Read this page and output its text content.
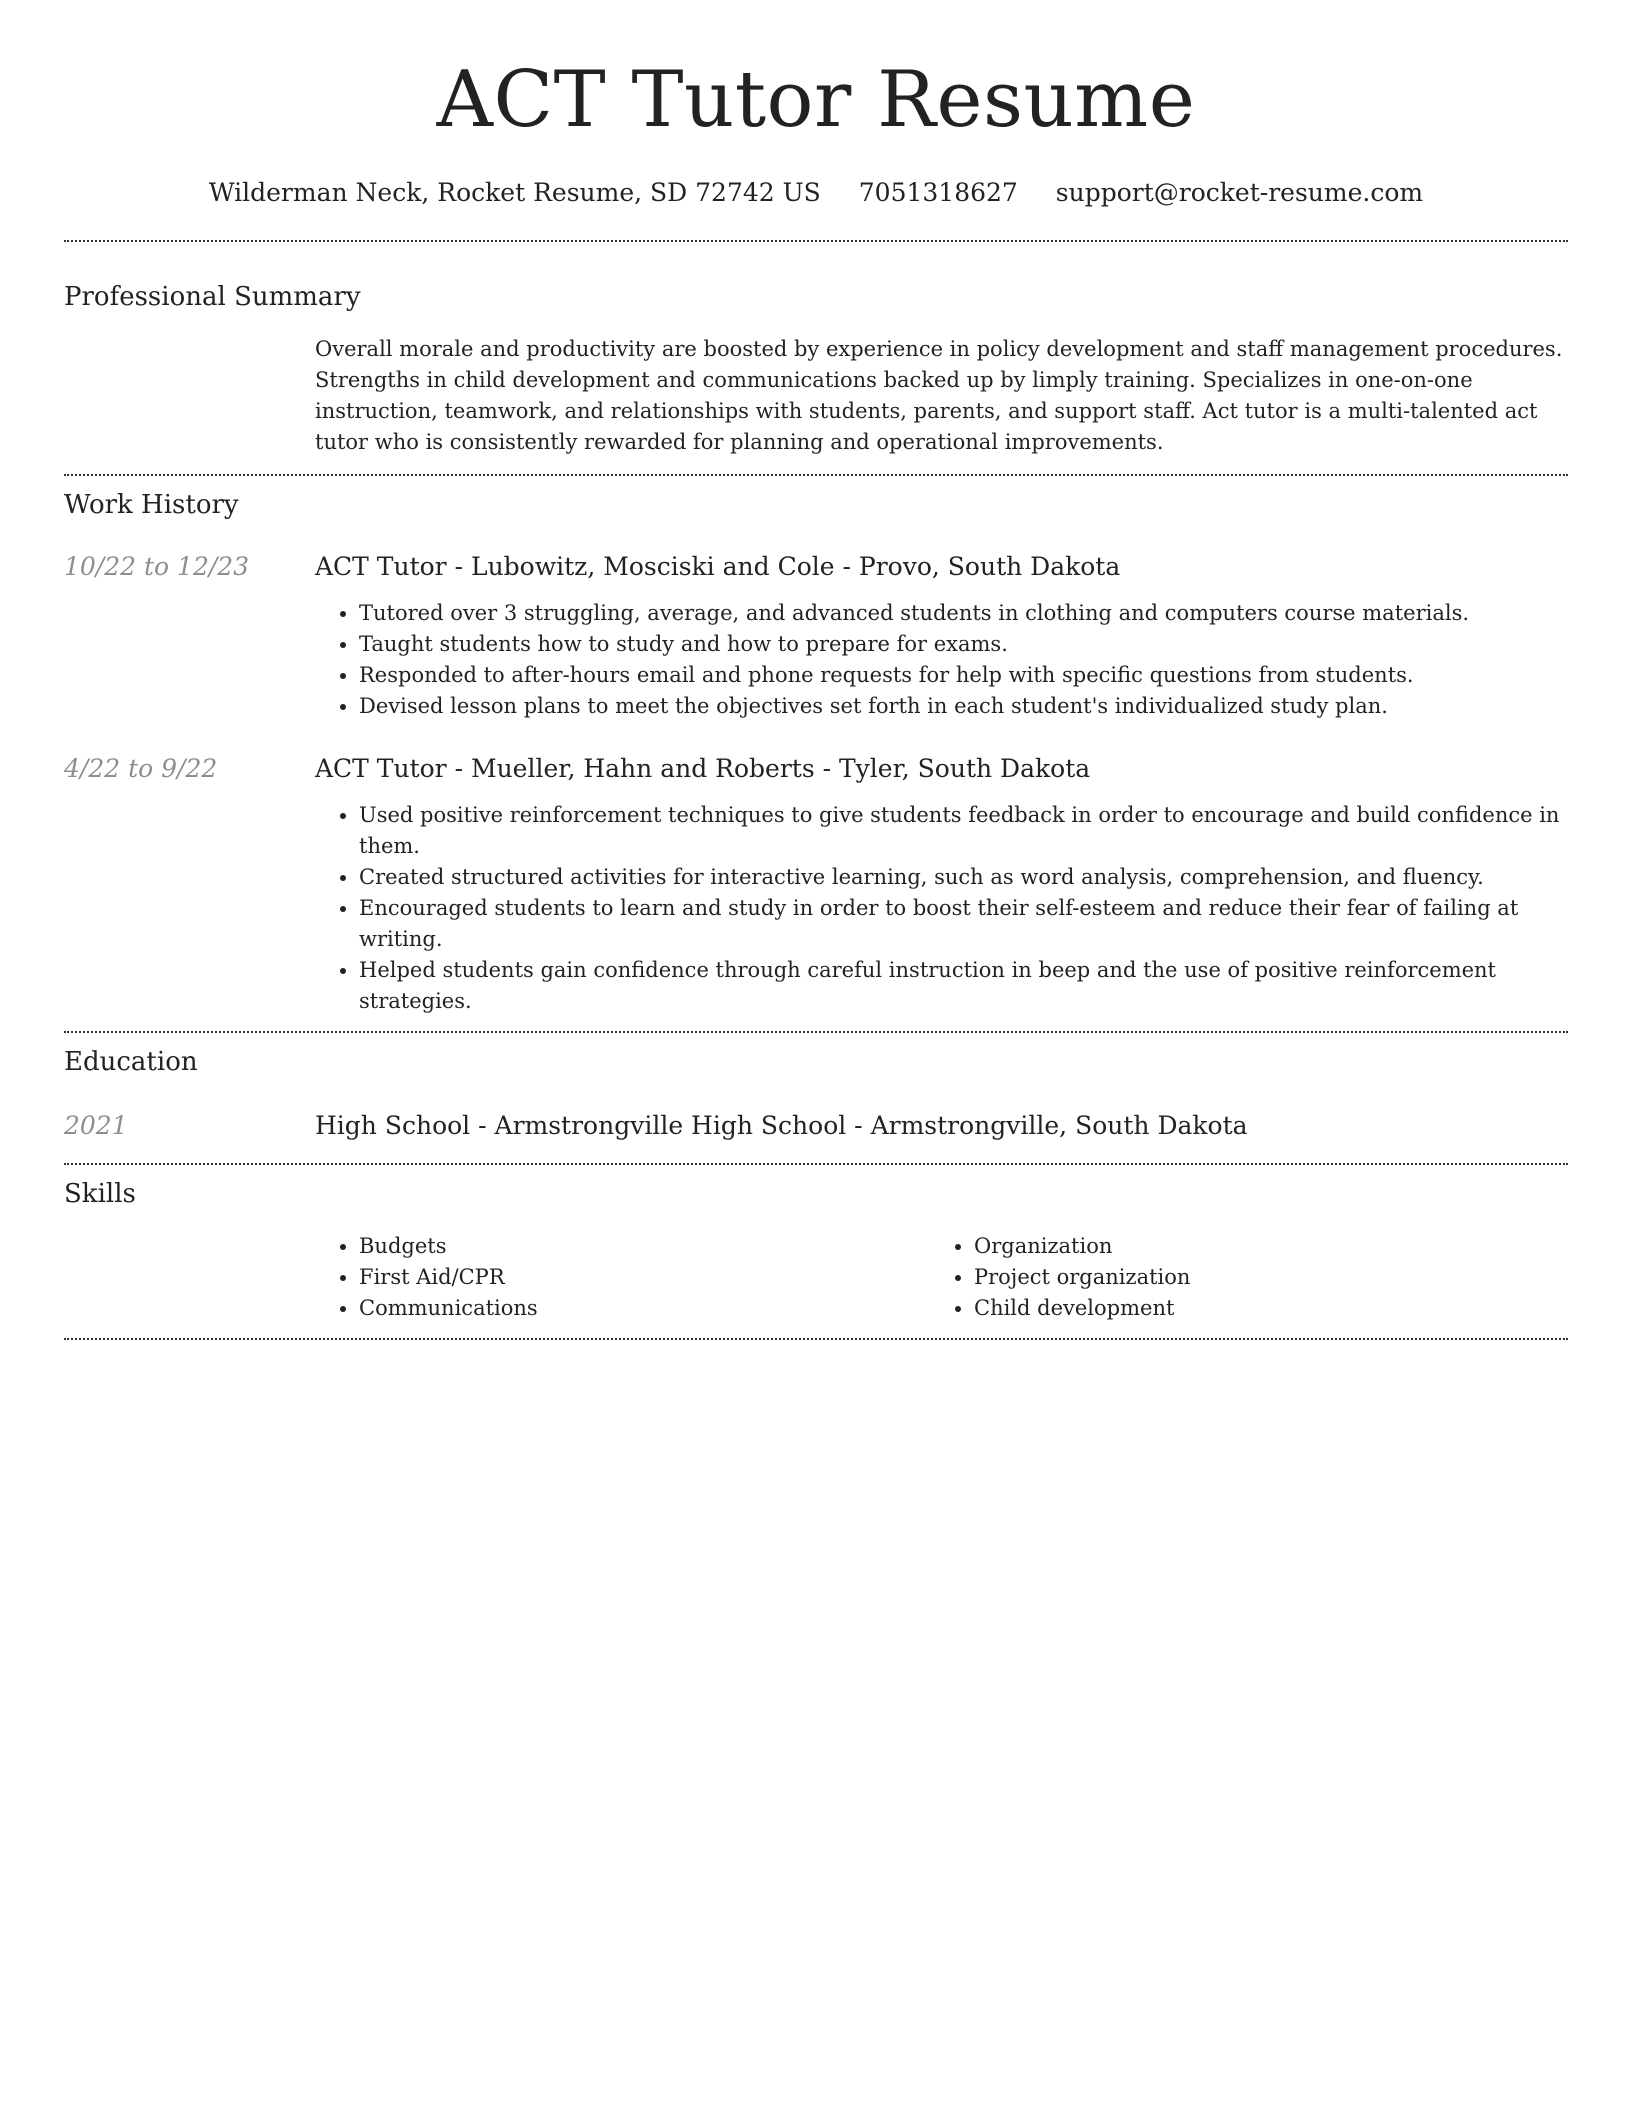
ACT Tutor Resume
Wilderman Neck, Rocket Resume, SD 72742 US 7051318627 support@rocket-resume.com
Professional Summary
Overall morale and productivity are boosted by experience in policy development and staff management procedures. Strengths in child development and communications backed up by limply training. Specializes in one-on-one instruction, teamwork, and relationships with students, parents, and support staff. Act tutor is a multi-talented act tutor who is consistently rewarded for planning and operational improvements.
Work History
10/22 to 12/23	ACT Tutor - Lubowitz, Mosciski and Cole - Provo, South Dakota
• Tutored over 3 struggling, average, and advanced students in clothing and computers course materials.
• Taught students how to study and how to prepare for exams.
• Responded to after-hours email and phone requests for help with specific questions from students.
• Devised lesson plans to meet the objectives set forth in each student's individualized study plan.
4/22 to 9/22	ACT Tutor - Mueller, Hahn and Roberts - Tyler, South Dakota
• Used positive reinforcement techniques to give students feedback in order to encourage and build confidence in them.
• Created structured activities for interactive learning, such as word analysis, comprehension, and fluency.
• Encouraged students to learn and study in order to boost their self-esteem and reduce their fear of failing at writing.
• Helped students gain confidence through careful instruction in beep and the use of positive reinforcement strategies.
Education
2021	High School - Armstrongville High School - Armstrongville, South Dakota
Skills
• Budgets
• First Aid/CPR
• Communications
• Organization
• Project organization
• Child development
